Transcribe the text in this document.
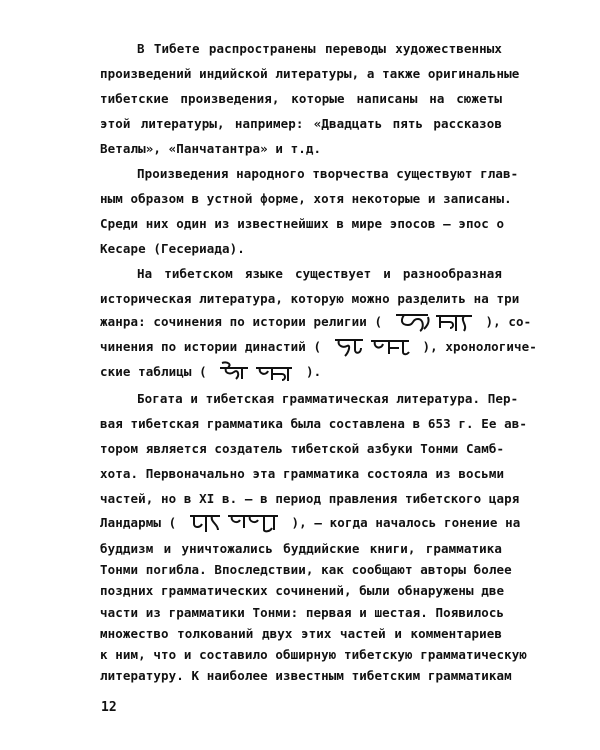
В Тибете распространены переводы художественных
произведений индийской литературы, а также оригинальные
тибетские произведения, которые написаны на сюжеты
этой литературы, например: «Двадцать пять рассказов
Веталы», «Панчатантра» и т.д.
Произведения народного творчества существуют глав-
ным образом в устной форме, хотя некоторые и записаны.
Среди них один из известнейших в мире эпосов – эпос о
Кесаре (Гесериада).
На тибетском языке существует и разнообразная
историческая литература, которую можно разделить на три
жанра: сочинения по истории религии (	), со-
чинения по истории династий (	), хронологиче-
ские таблицы (	).
Богата и тибетская грамматическая литература. Пер-
вая тибетская грамматика была составлена в 653 г. Ее ав-
тором является создатель тибетской азбуки Тонми Самб-
хота. Первоначально эта грамматика состояла из восьми
частей, но в XI в. – в период правления тибетского царя
Ландармы (	), – когда началось гонение на
буддизм и уничтожались буддийские книги, грамматика
Тонми погибла. Впоследствии, как сообщают авторы более
поздних грамматических сочинений, были обнаружены две
части из грамматики Тонми: первая и шестая. Появилось
множество толкований двух этих частей и комментариев
к ним, что и составило обширную тибетскую грамматическую
12
литературу. К наиболее известным тибетским грамматикам
